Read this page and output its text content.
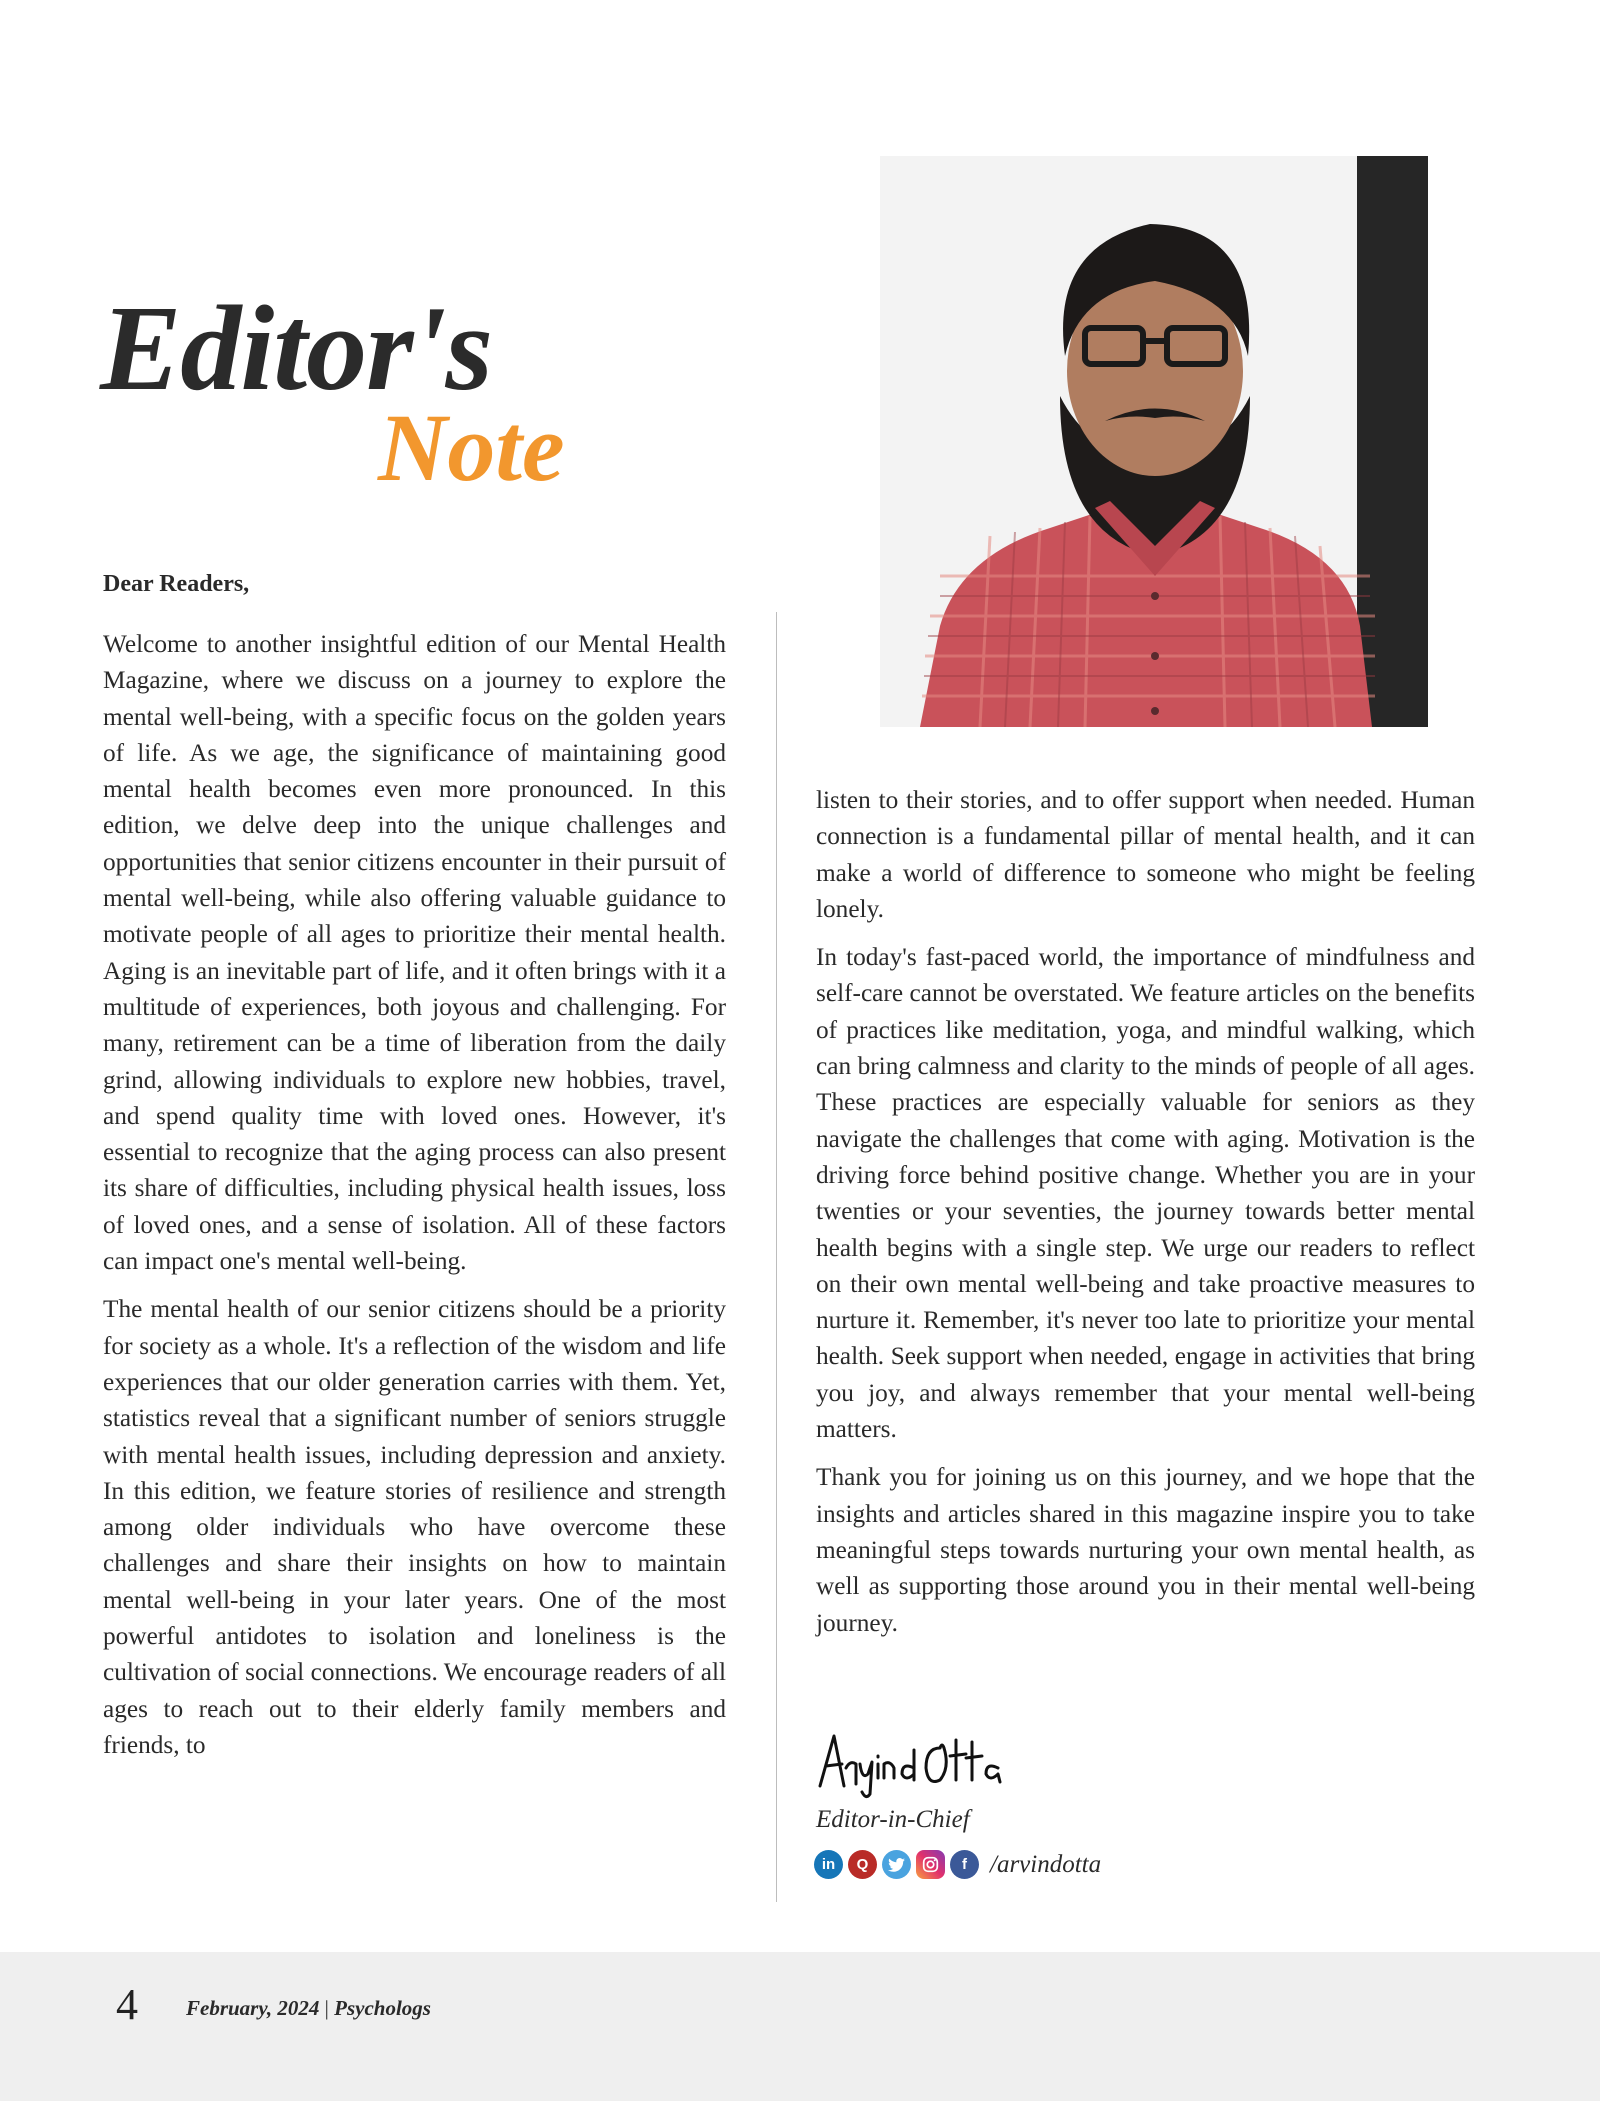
Editor's
Note

Dear Readers,

Welcome to another insightful edition of our Mental Health Magazine, where we discuss on a journey to explore the mental well-being, with a specific focus on the golden years of life. As we age, the significance of maintaining good mental health becomes even more pronounced. In this edition, we delve deep into the unique challenges and opportunities that senior citizens encounter in their pursuit of mental well-being, while also offering valuable guidance to motivate people of all ages to prioritize their mental health. Aging is an inevitable part of life, and it often brings with it a multitude of experiences, both joyous and challenging. For many, retirement can be a time of liberation from the daily grind, allowing individuals to explore new hobbies, travel, and spend quality time with loved ones. However, it's essential to recognize that the aging process can also present its share of difficulties, including physical health issues, loss of loved ones, and a sense of isolation. All of these factors can impact one's mental well-being.

The mental health of our senior citizens should be a priority for society as a whole. It's a reflection of the wisdom and life experiences that our older generation carries with them. Yet, statistics reveal that a significant number of seniors struggle with mental health issues, including depression and anxiety. In this edition, we feature stories of resilience and strength among older individuals who have overcome these challenges and share their insights on how to maintain mental well-being in your later years. One of the most powerful antidotes to isolation and loneliness is the cultivation of social connections. We encourage readers of all ages to reach out to their elderly family members and friends, to

listen to their stories, and to offer support when needed. Human connection is a fundamental pillar of mental health, and it can make a world of difference to someone who might be feeling lonely.

In today's fast-paced world, the importance of mindfulness and self-care cannot be overstated. We feature articles on the benefits of practices like meditation, yoga, and mindful walking, which can bring calmness and clarity to the minds of people of all ages. These practices are especially valuable for seniors as they navigate the challenges that come with aging. Motivation is the driving force behind positive change. Whether you are in your twenties or your seventies, the journey towards better mental health begins with a single step. We urge our readers to reflect on their own mental well-being and take proactive measures to nurture it. Remember, it's never too late to prioritize your mental health. Seek support when needed, engage in activities that bring you joy, and always remember that your mental well-being matters.

Thank you for joining us on this journey, and we hope that the insights and articles shared in this magazine inspire you to take meaningful steps towards nurturing your own mental health, as well as supporting those around you in their mental well-being journey.

Editor-in-Chief

in	Q	f /arvindotta

4 February, 2024 | Psychologs
